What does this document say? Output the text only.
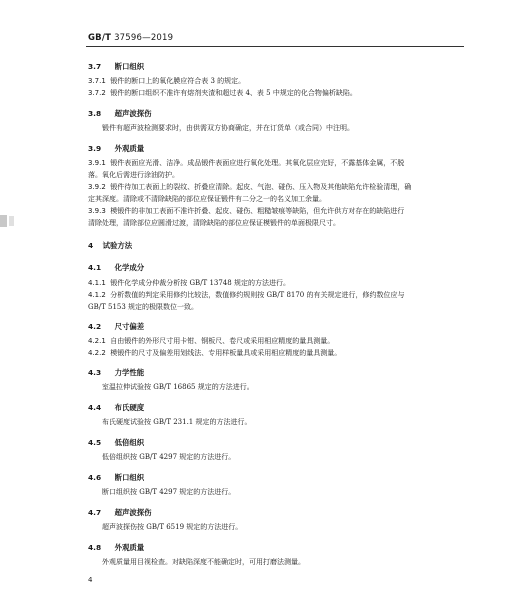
GB/T 37596—2019
3.7 断口组织
3.7.1 锻件的断口上的氧化膜应符合表 3 的规定。
3.7.2 锻件的断口组织不准许有熔剂夹渣和超过表 4、表 5 中规定的化合物偏析缺陷。
3.8 超声波探伤
锻件有超声波检测要求时，由供需双方协商确定，并在订货单（或合同）中注明。
3.9 外观质量
3.9.1 锻件表面应光滑、洁净。成品锻件表面应进行氧化处理。其氧化层应完好，不露基体金属，不脱
落。氧化后需进行涂油防护。
3.9.2 锻件待加工表面上的裂纹、折叠应清除。起皮、气泡、碰伤、压入物及其他缺陷允许检验清理，确
定其深度。清除或不清除缺陷的部位应保证锻件有二分之一的名义加工余量。
3.9.3 模锻件的非加工表面不准许折叠、起皮、碰伤、粗糙皱痕等缺陷，但允许供方对存在的缺陷进行
清除处理，清除部位应圆滑过渡，清除缺陷的部位应保证模锻件的单面极限尺寸。
4 试验方法
4.1 化学成分
4.1.1 锻件化学成分仲裁分析按 GB/T 13748 规定的方法进行。
4.1.2 分析数值的判定采用修约比较法，数值修约规则按 GB/T 8170 的有关规定进行，修约数位应与
GB/T 5153 规定的极限数位一致。
4.2 尺寸偏差
4.2.1 自由锻件的外形尺寸用卡钳、钢板尺、卷尺或采用相应精度的量具测量。
4.2.2 模锻件的尺寸及偏差用划线法、专用样板量具或采用相应精度的量具测量。
4.3 力学性能
室温拉伸试验按 GB/T 16865 规定的方法进行。
4.4 布氏硬度
布氏硬度试验按 GB/T 231.1 规定的方法进行。
4.5 低倍组织
低倍组织按 GB/T 4297 规定的方法进行。
4.6 断口组织
断口组织按 GB/T 4297 规定的方法进行。
4.7 超声波探伤
超声波探伤按 GB/T 6519 规定的方法进行。
4.8 外观质量
外观质量用目视检查。对缺陷深度不能确定时，可用打磨法测量。
4
